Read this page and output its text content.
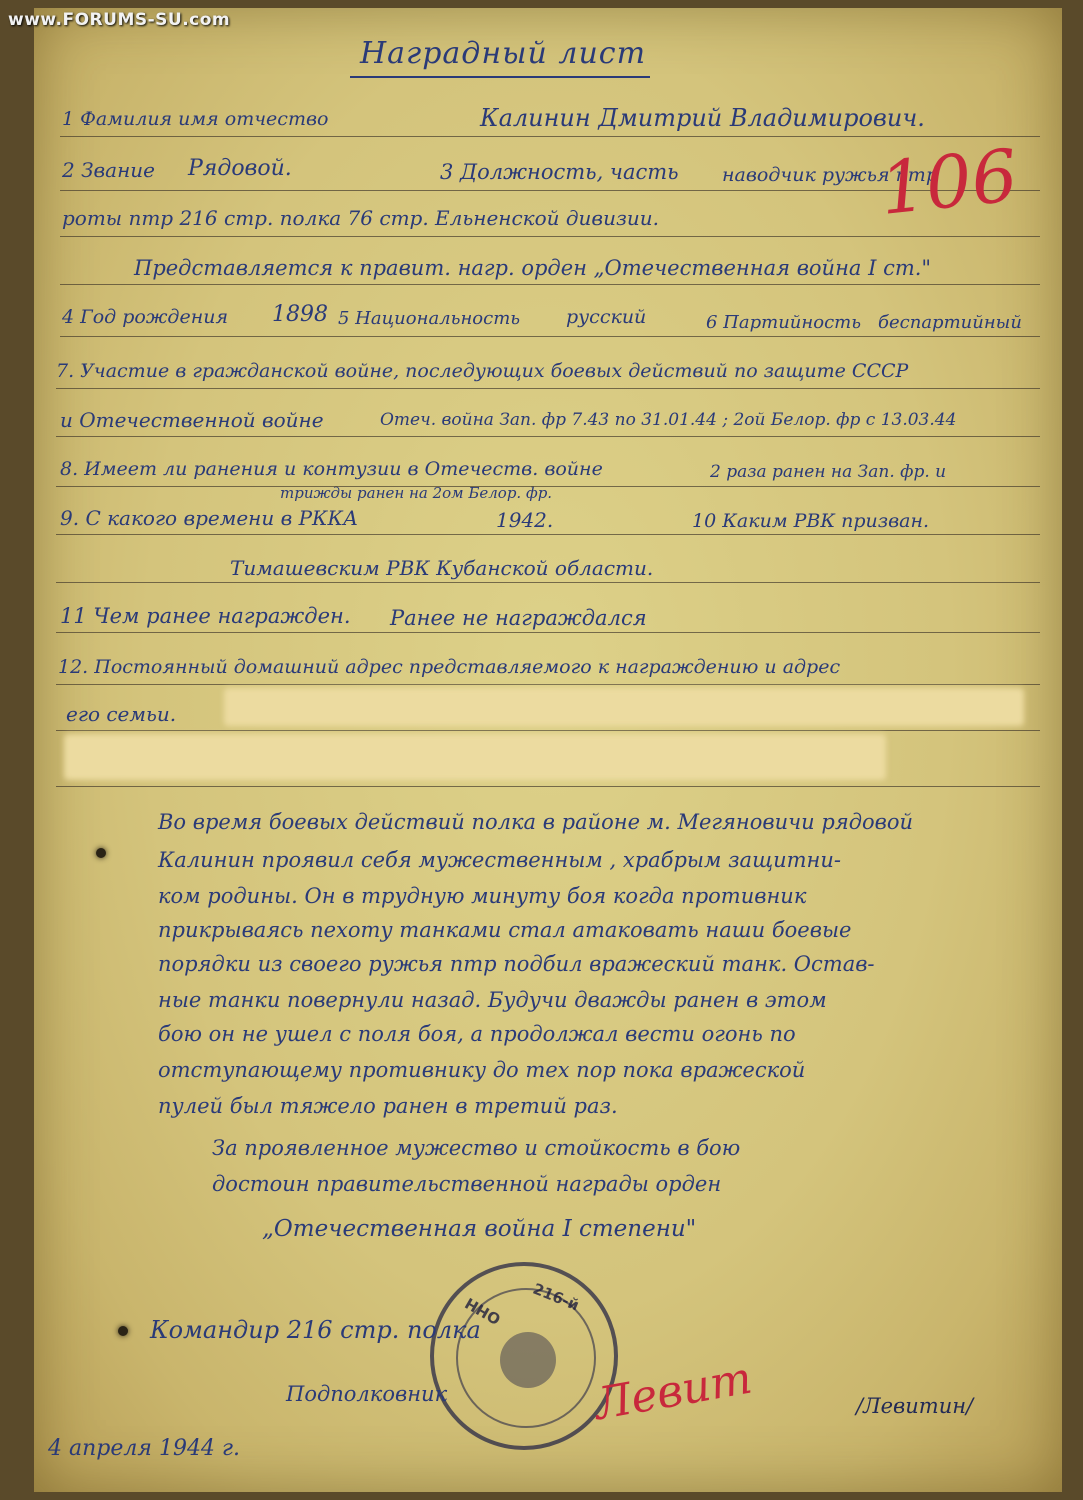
www.FORUMS-SU.com
Наградный лист
1 Фамилия имя отчество	Калинин Дмитрий Владимирович.
2 Звание Рядовой.	3 Должность, часть наводчик ружья птр
роты птр 216 стр. полка 76 стр. Ельненской дивизии.	106
Представляется к правит. нагр. орден „Отечественная война I ст."
4 Год рождения 1898 5 Национальность русский	6 Партийность беспартийный
7. Участие в гражданской войне, последующих боевых действий по защите СССР
и Отечественной войне	Отеч. война Зап. фр 7.43 по 31.01.44 ; 2ой Белор. фр с 13.03.44
8. Имеет ли ранения и контузии в Отечеств. войне	2 раза ранен на Зап. фр. и
трижды ранен на 2ом Белор. фр.
9. С какого времени в РККА	1942.	10 Каким РВК призван.
Тимашевским РВК Кубанской области.
11 Чем ранее награжден. Ранее не награждался
12. Постоянный домашний адрес представляемого к награждению и адрес
его семьи.
Во время боевых действий полка в районе м. Мегяновичи рядовой
Калинин проявил себя мужественным , храбрым защитни-
ком родины. Он в трудную минуту боя когда противник
прикрываясь пехоту танками стал атаковать наши боевые
порядки из своего ружья птр подбил вражеский танк. Остав-
ные танки повернули назад. Будучи дважды ранен в этом
бою он не ушел с поля боя, а продолжал вести огонь по
отступающему противнику до тех пор пока вражеской
пулей был тяжело ранен в третий раз.
За проявленное мужество и стойкость в бою
достоин правительственной награды орден
„Отечественная война I степени"
216-й
ОНН
Командир 216 стр. полка
Подполковник	Левит	/Левитин/
4 апреля 1944 г.
